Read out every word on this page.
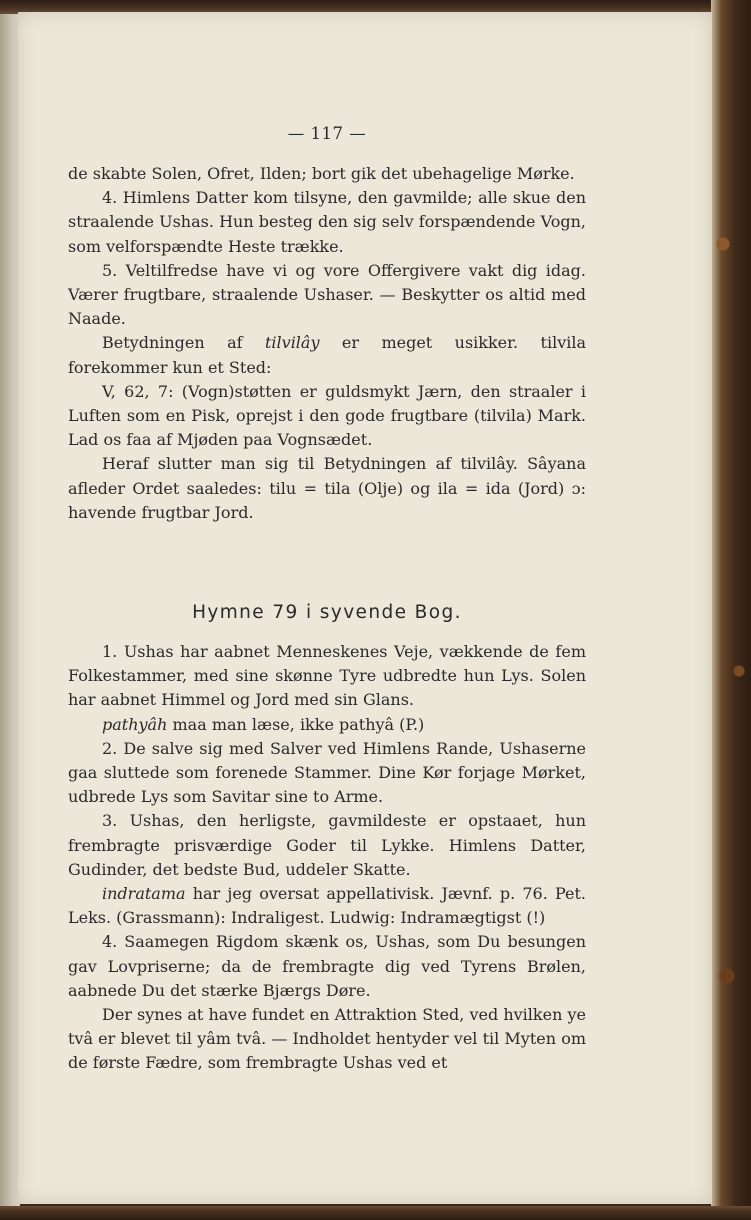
— 117 —

de skabte Solen, Ofret, Ilden; bort gik det ubehagelige Mørke.

4. Himlens Datter kom tilsyne, den gavmilde; alle skue den straalende Ushas. Hun besteg den sig selv forspændende Vogn, som velforspændte Heste trække.

5. Veltilfredse have vi og vore Offergivere vakt dig idag. Værer frugtbare, straalende Ushaser. — Beskytter os altid med Naade.

Betydningen af tilvilây er meget usikker. tilvila forekommer kun et Sted:

V, 62, 7: (Vogn)støtten er guldsmykt Jærn, den straaler i Luften som en Pisk, oprejst i den gode frugtbare (tilvila) Mark. Lad os faa af Mjøden paa Vognsædet.

Heraf slutter man sig til Betydningen af tilvilây. Sâyana afleder Ordet saaledes: tilu = tila (Olje) og ila = ida (Jord) ɔ: havende frugtbar Jord.

Hymne 79 i syvende Bog.

1. Ushas har aabnet Menneskenes Veje, vækkende de fem Folkestammer, med sine skønne Tyre udbredte hun Lys. Solen har aabnet Himmel og Jord med sin Glans.

pathyâh maa man læse, ikke pathyâ (P.)

2. De salve sig med Salver ved Himlens Rande, Ushaserne gaa sluttede som forenede Stammer. Dine Kør forjage Mørket, udbrede Lys som Savitar sine to Arme.

3. Ushas, den herligste, gavmildeste er opstaaet, hun frembragte prisværdige Goder til Lykke. Himlens Datter, Gudinder, det bedste Bud, uddeler Skatte.

indratama har jeg oversat appellativisk. Jævnf. p. 76. Pet. Leks. (Grassmann): Indraligest. Ludwig: Indramægtigst (!)

4. Saamegen Rigdom skænk os, Ushas, som Du besungen gav Lovpriserne; da de frembragte dig ved Tyrens Brølen, aabnede Du det stærke Bjærgs Døre.

Der synes at have fundet en Attraktion Sted, ved hvilken ye tvâ er blevet til yâm tvâ. — Indholdet hentyder vel til Myten om de første Fædre, som frembragte Ushas ved et
